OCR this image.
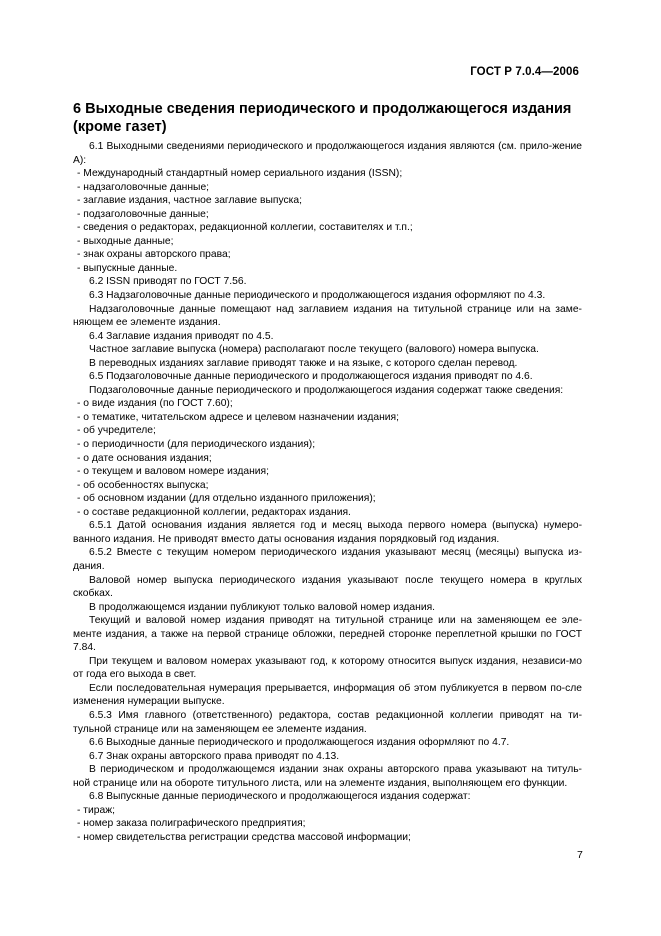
ГОСТ Р 7.0.4—2006
6 Выходные сведения периодического и продолжающегося издания (кроме газет)

6.1 Выходными сведениями периодического и продолжающегося издания являются (см. прило-жение А):

- Международный стандартный номер сериального издания (ISSN);

- надзаголовочные данные;

- заглавие издания, частное заглавие выпуска;

- подзаголовочные данные;

- сведения о редакторах, редакционной коллегии, составителях и т.п.;

- выходные данные;

- знак охраны авторского права;

- выпускные данные.

6.2 ISSN приводят по ГОСТ 7.56.

6.3 Надзаголовочные данные периодического и продолжающегося издания оформляют по 4.3.

Надзаголовочные данные помещают над заглавием издания на титульной странице или на заме-няющем ее элементе издания.

6.4 Заглавие издания приводят по 4.5.

Частное заглавие выпуска (номера) располагают после текущего (валового) номера выпуска.

В переводных изданиях заглавие приводят также и на языке, с которого сделан перевод.

6.5 Подзаголовочные данные периодического и продолжающегося издания приводят по 4.6.

Подзаголовочные данные периодического и продолжающегося издания содержат также сведения:

- о виде издания (по ГОСТ 7.60);

- о тематике, читательском адресе и целевом назначении издания;

- об учредителе;

- о периодичности (для периодического издания);

- о дате основания издания;

- о текущем и валовом номере издания;

- об особенностях выпуска;

- об основном издании (для отдельно изданного приложения);

- о составе редакционной коллегии, редакторах издания.

6.5.1 Датой основания издания является год и месяц выхода первого номера (выпуска) нумеро-ванного издания. Не приводят вместо даты основания издания порядковый год издания.

6.5.2 Вместе с текущим номером периодического издания указывают месяц (месяцы) выпуска из-дания.

Валовой номер выпуска периодического издания указывают после текущего номера в круглых скобках.

В продолжающемся издании публикуют только валовой номер издания.

Текущий и валовой номер издания приводят на титульной странице или на заменяющем ее эле-менте издания, а также на первой странице обложки, передней сторонке переплетной крышки по ГОСТ 7.84.

При текущем и валовом номерах указывают год, к которому относится выпуск издания, независи-мо от года его выхода в свет.

Если последовательная нумерация прерывается, информация об этом публикуется в первом по-сле изменения нумерации выпуске.

6.5.3 Имя главного (ответственного) редактора, состав редакционной коллегии приводят на ти-тульной странице или на заменяющем ее элементе издания.

6.6 Выходные данные периодического и продолжающегося издания оформляют по 4.7.

6.7 Знак охраны авторского права приводят по 4.13.

В периодическом и продолжающемся издании знак охраны авторского права указывают на титуль-ной странице или на обороте титульного листа, или на элементе издания, выполняющем его функции.

6.8 Выпускные данные периодического и продолжающегося издания содержат:

- тираж;

- номер заказа полиграфического предприятия;

- номер свидетельства регистрации средства массовой информации;

7
